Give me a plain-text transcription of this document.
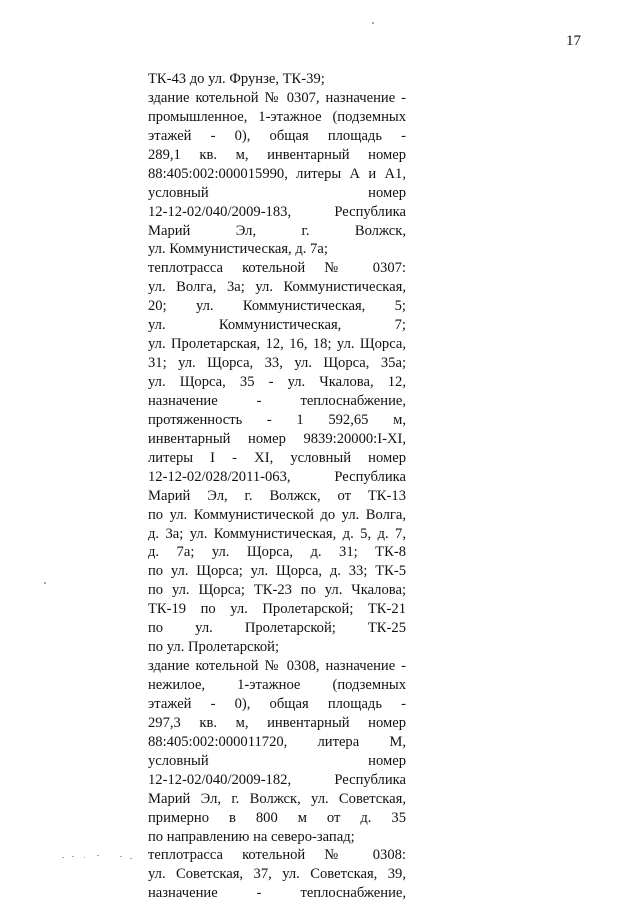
17
ТК-43 до ул. Фрунзе, ТК-39;
здание котельной № 0307, назначение -
промышленное, 1-этажное (подземных
этажей - 0), общая площадь -
289,1 кв. м, инвентарный номер
88:405:002:000015990, литеры А и А1,
условный номер
12-12-02/040/2009-183, Республика
Марий Эл, г. Волжск,
ул. Коммунистическая, д. 7а;
теплотрасса котельной № 0307:
ул. Волга, 3а; ул. Коммунистическая,
20; ул. Коммунистическая, 5;
ул. Коммунистическая, 7;
ул. Пролетарская, 12, 16, 18; ул. Щорса,
31; ул. Щорса, 33, ул. Щорса, 35а;
ул. Щорса, 35 - ул. Чкалова, 12,
назначение - теплоснабжение,
протяженность - 1 592,65 м,
инвентарный номер 9839:20000:I-XI,
литеры I - XI, условный номер
12-12-02/028/2011-063, Республика
Марий Эл, г. Волжск, от ТК-13
по ул. Коммунистической до ул. Волга,
д. 3а; ул. Коммунистическая, д. 5, д. 7,
д. 7а; ул. Щорса, д. 31; ТК-8
по ул. Щорса; ул. Щорса, д. 33; ТК-5
по ул. Щорса; ТК-23 по ул. Чкалова;
ТК-19 по ул. Пролетарской; ТК-21
по ул. Пролетарской; ТК-25
по ул. Пролетарской;
здание котельной № 0308, назначение -
нежилое, 1-этажное (подземных
этажей - 0), общая площадь -
297,3 кв. м, инвентарный номер
88:405:002:000011720, литера М,
условный номер
12-12-02/040/2009-182, Республика
Марий Эл, г. Волжск, ул. Советская,
примерно в 800 м от д. 35
по направлению на северо-запад;
теплотрасса котельной № 0308:
ул. Советская, 37, ул. Советская, 39,
назначение - теплоснабжение,
